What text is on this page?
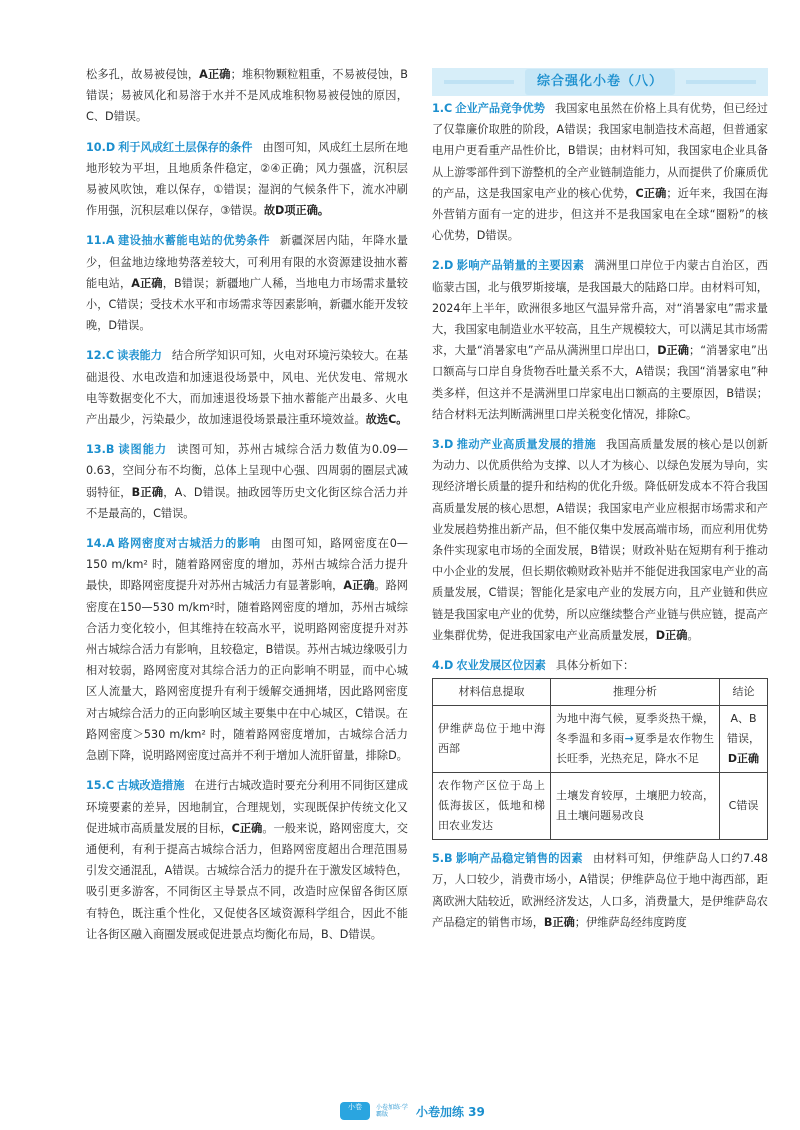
松多孔，故易被侵蚀，A正确；堆积物颗粒粗重，不易被侵蚀，B错误；易被风化和易溶于水并不是风成堆积物易被侵蚀的原因，C、D错误。

10.D 利于风成红土层保存的条件 由图可知，风成红土层所在地地形较为平坦，且地质条件稳定，②④正确；风力强盛，沉积层易被风吹蚀，难以保存，①错误；湿润的气候条件下，流水冲刷作用强，沉积层难以保存，③错误。故D项正确。

11.A 建设抽水蓄能电站的优势条件 新疆深居内陆，年降水量少，但盆地边缘地势落差较大，可利用有限的水资源建设抽水蓄能电站，A正确，B错误；新疆地广人稀，当地电力市场需求量较小，C错误；受技术水平和市场需求等因素影响，新疆水能开发较晚，D错误。

12.C 读表能力 结合所学知识可知，火电对环境污染较大。在基础退役、水电改造和加速退役场景中，风电、光伏发电、常规水电等数据变化不大，而加速退役场景下抽水蓄能产出最多、火电产出最少，污染最少，故加速退役场景最注重环境效益。故选C。

13.B 读图能力 读图可知，苏州古城综合活力数值为0.09—0.63，空间分布不均衡，总体上呈现中心强、四周弱的圈层式减弱特征，B正确，A、D错误。抽政园等历史文化街区综合活力并不是最高的，C错误。

14.A 路网密度对古城活力的影响 由图可知，路网密度在0—150 m/km² 时，随着路网密度的增加，苏州古城综合活力提升最快，即路网密度提升对苏州古城活力有显著影响，A正确。路网密度在150—530 m/km²时，随着路网密度的增加，苏州古城综合活力变化较小，但其维持在较高水平，说明路网密度提升对苏州古城综合活力有影响，且较稳定，B错误。苏州古城边缘吸引力相对较弱，路网密度对其综合活力的正向影响不明显，而中心城区人流量大，路网密度提升有利于缓解交通拥堵，因此路网密度对古城综合活力的正向影响区域主要集中在中心城区，C错误。在路网密度＞530 m/km² 时，随着路网密度增加，古城综合活力急剧下降，说明路网密度过高并不利于增加人流肝留量，排除D。

15.C 古城改造措施 在进行古城改造时要充分利用不同街区建成环境要素的差异，因地制宜，合理规划，实现既保护传统文化又促进城市高质量发展的目标，C正确。一般来说，路网密度大，交通便利，有利于提高古城综合活力，但路网密度超出合理范围易引发交通混乱，A错误。古城综合活力的提升在于激发区域特色，吸引更多游客，不同街区主导景点不同，改造时应保留各街区原有特色，既注重个性化，又促使各区域资源科学组合，因此不能让各街区融入商圈发展或促进景点均衡化布局，B、D错误。

综合强化小卷（八）

1.C 企业产品竞争优势 我国家电虽然在价格上具有优势，但已经过了仅靠廉价取胜的阶段，A错误；我国家电制造技术高超，但普通家电用户更看重产品性价比，B错误；由材料可知，我国家电企业具备从上游零部件到下游整机的全产业链制造能力，从而提供了价廉质优的产品，这是我国家电产业的核心优势，C正确；近年来，我国在海外营销方面有一定的进步，但这并不是我国家电在全球“圈粉”的核心优势，D错误。

2.D 影响产品销量的主要因素 满洲里口岸位于内蒙古自治区，西临蒙古国，北与俄罗斯接壤，是我国最大的陆路口岸。由材料可知，2024年上半年，欧洲很多地区气温异常升高，对“消暑家电”需求量大，我国家电制造业水平较高，且生产规模较大，可以满足其市场需求，大量“消暑家电”产品从满洲里口岸出口，D正确；“消暑家电”出口额高与口岸自身货物吞吐量关系不大，A错误；我国“消暑家电”种类多样，但这并不是满洲里口岸家电出口额高的主要原因，B错误；结合材料无法判断满洲里口岸关税变化情况，排除C。

3.D 推动产业高质量发展的措施 我国高质量发展的核心是以创新为动力、以优质供给为支撑、以人才为核心、以绿色发展为导向，实现经济增长质量的提升和结构的优化升级。降低研发成本不符合我国高质量发展的核心思想，A错误；我国家电产业应根据市场需求和产业发展趋势推出新产品，但不能仅集中发展高端市场，而应利用优势条件实现家电市场的全面发展，B错误；财政补贴在短期有利于推动中小企业的发展，但长期依赖财政补贴并不能促进我国家电产业的高质量发展，C错误；智能化是家电产业的发展方向，且产业链和供应链是我国家电产业的优势，所以应继续整合产业链与供应链，提高产业集群优势，促进我国家电产业高质量发展，D正确。

4.D 农业发展区位因素 具体分析如下：

材料信息提取	推理分析	结论
伊维萨岛位于地中海西部	为地中海气候，夏季炎热干燥，冬季温和多雨→夏季是农作物生长旺季，光热充足，降水不足	A、B错误，
D正确
农作物产区位于岛上低海拔区，低地和梯田农业发达	土壤发育较厚，土壤肥力较高，且土壤问题易改良	C错误

5.B 影响产品稳定销售的因素 由材料可知，伊维萨岛人口约7.48万，人口较少，消费市场小，A错误；伊维萨岛位于地中海西部，距离欧洲大陆较近，欧洲经济发达，人口多，消费量大，是伊维萨岛农产品稳定的销售市场，B正确；伊维萨岛经纬度跨度

小卷	小卷加练·学霸版	小卷加练 39
